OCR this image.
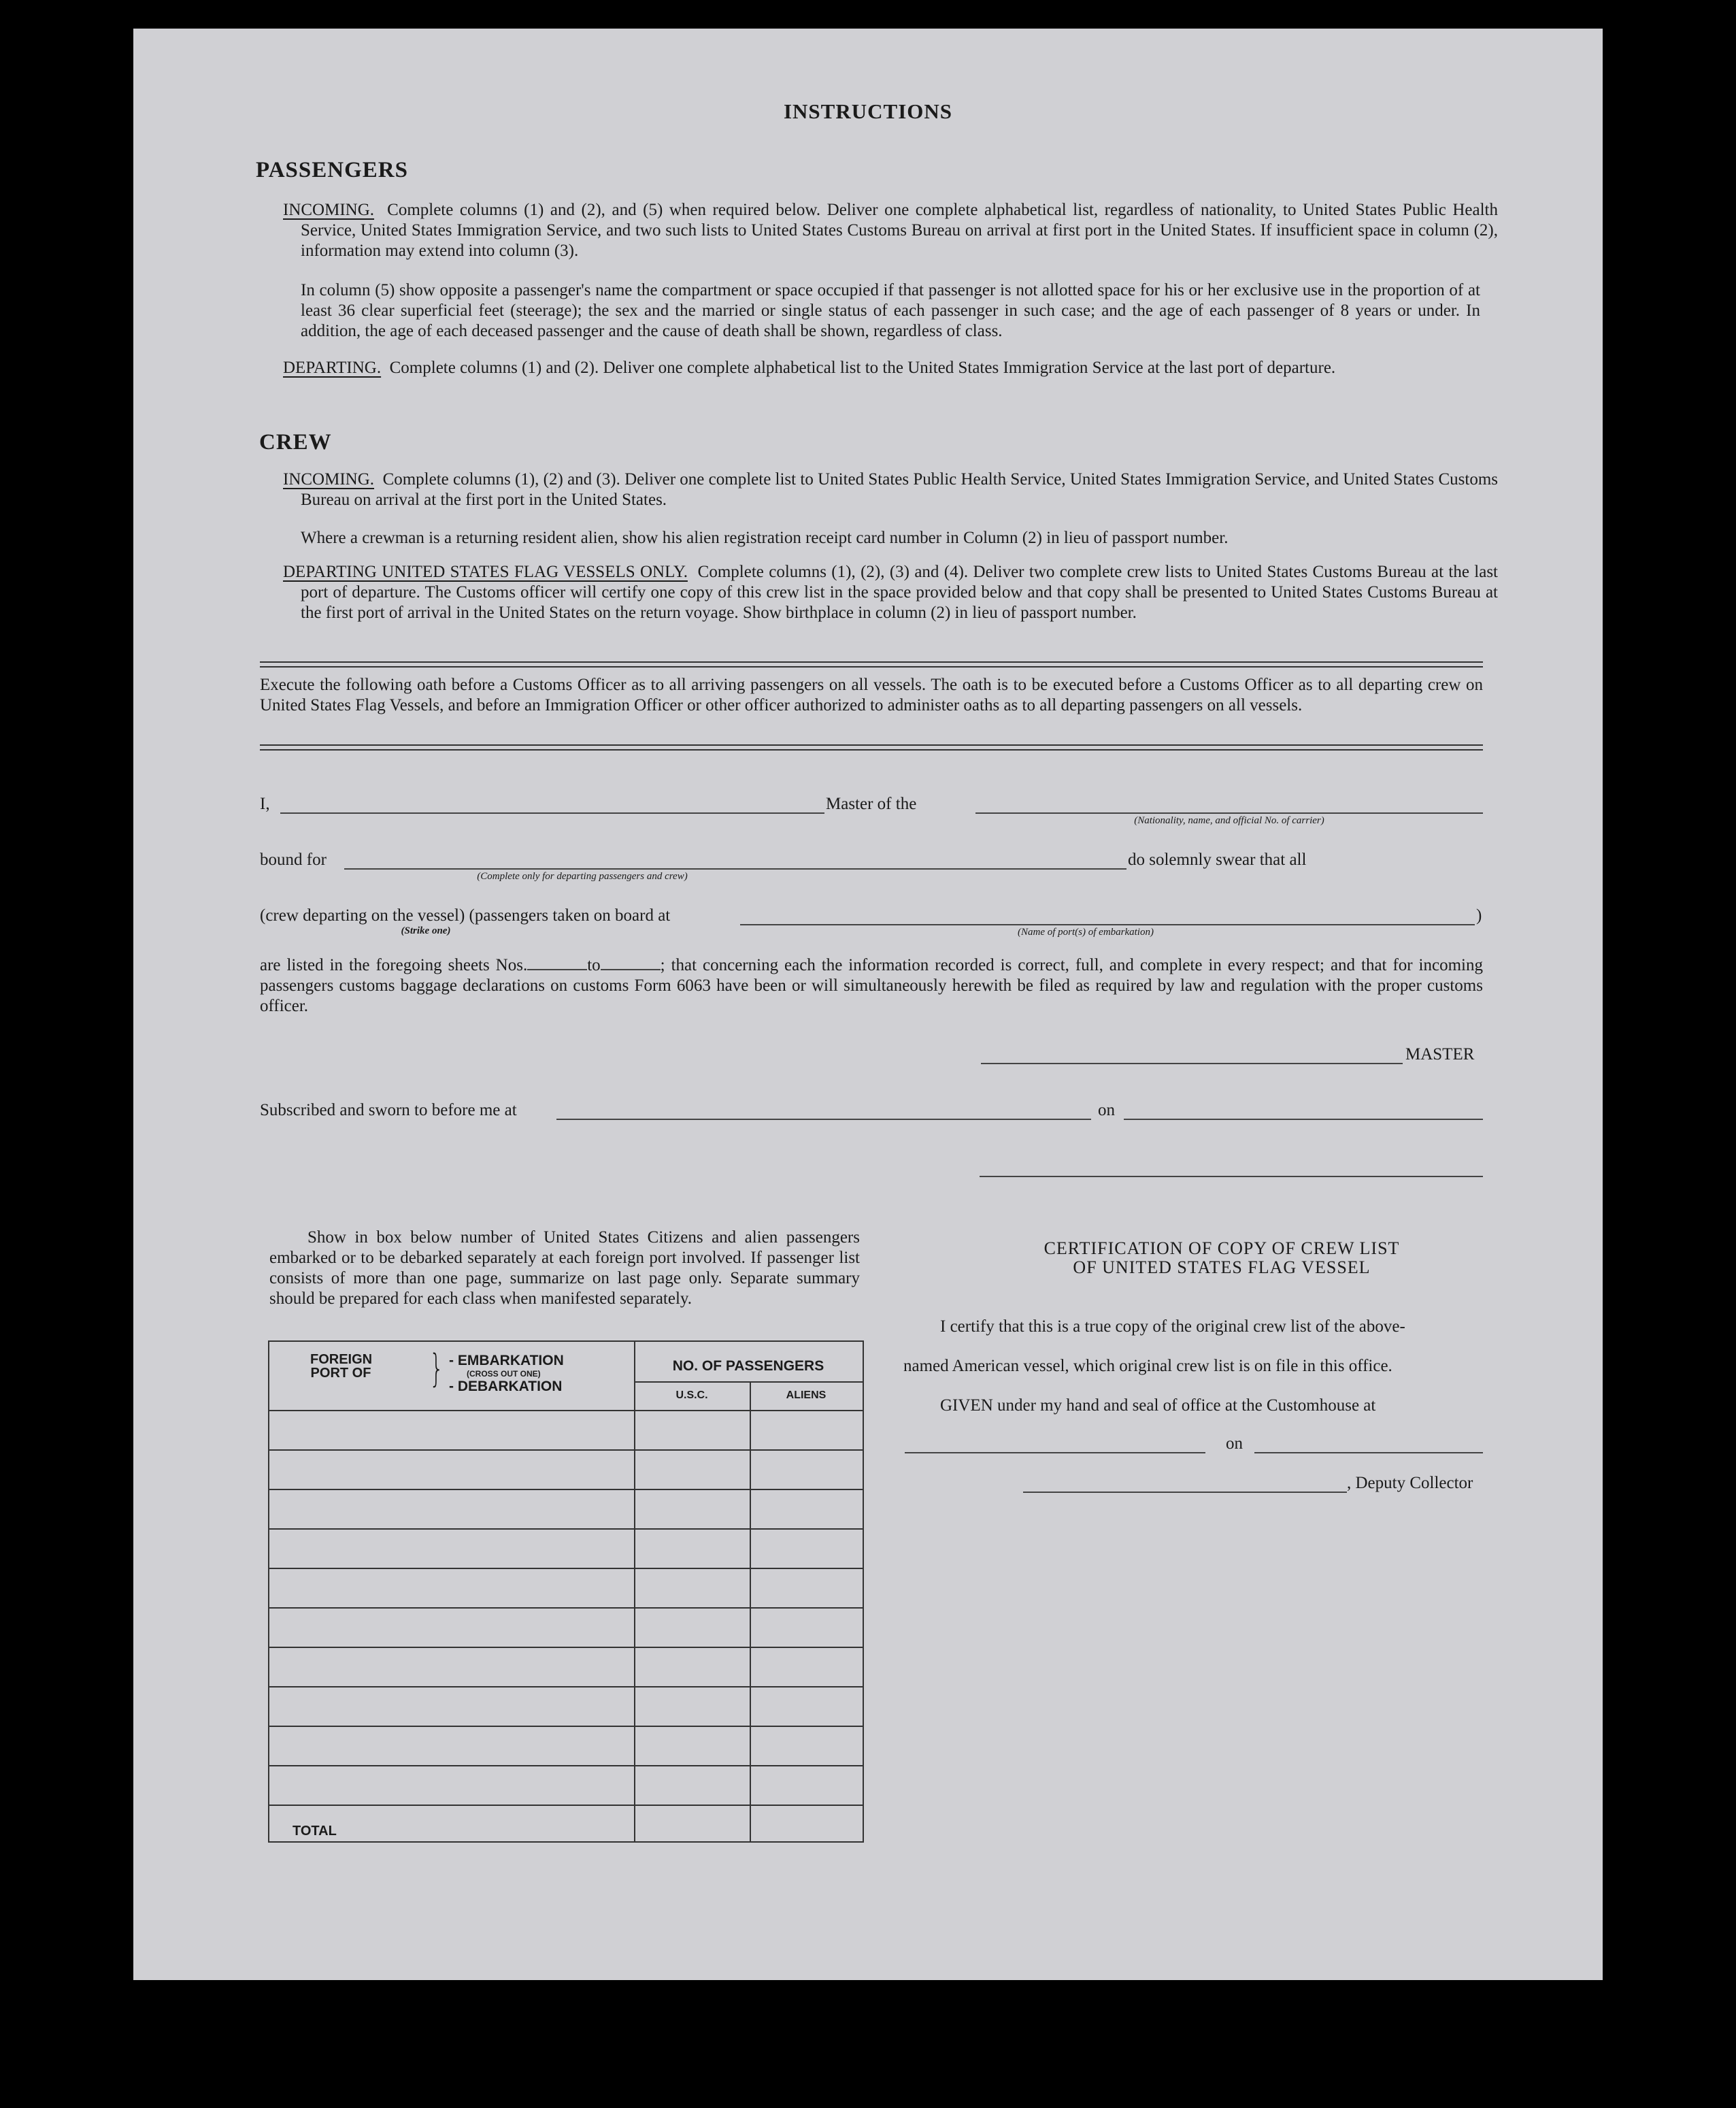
INSTRUCTIONS
PASSENGERS
INCOMING. Complete columns (1) and (2), and (5) when required below. Deliver one complete alphabetical list, regardless of nationality, to United States Public Health Service, United States Immigration Service, and two such lists to United States Customs Bureau on arrival at first port in the United States. If insufficient space in column (2), information may extend into column (3).
In column (5) show opposite a passenger's name the compartment or space occupied if that passenger is not allotted space for his or her exclusive use in the proportion of at least 36 clear superficial feet (steerage); the sex and the married or single status of each passenger in such case; and the age of each passenger of 8 years or under. In addition, the age of each deceased passenger and the cause of death shall be shown, regardless of class.
DEPARTING. Complete columns (1) and (2). Deliver one complete alphabetical list to the United States Immigration Service at the last port of departure.
CREW
INCOMING. Complete columns (1), (2) and (3). Deliver one complete list to United States Public Health Service, United States Immigration Service, and United States Customs Bureau on arrival at the first port in the United States.
Where a crewman is a returning resident alien, show his alien registration receipt card number in Column (2) in lieu of passport number.
DEPARTING UNITED STATES FLAG VESSELS ONLY. Complete columns (1), (2), (3) and (4). Deliver two complete crew lists to United States Customs Bureau at the last port of departure. The Customs officer will certify one copy of this crew list in the space provided below and that copy shall be presented to United States Customs Bureau at the first port of arrival in the United States on the return voyage. Show birthplace in column (2) in lieu of passport number.
Execute the following oath before a Customs Officer as to all arriving passengers on all vessels. The oath is to be executed before a Customs Officer as to all departing crew on United States Flag Vessels, and before an Immigration Officer or other officer authorized to administer oaths as to all departing passengers on all vessels.
I,	Master of the
(Nationality, name, and official No. of carrier)
bound for
(Complete only for departing passengers and crew)
do solemnly swear that all
(crew departing on the vessel) (passengers taken on board at
(Strike one)	(Name of port(s) of embarkation)
)
are listed in the foregoing sheets Nos.	to	; that concerning each the information recorded is correct, full, and complete in every respect; and that for incoming passengers customs baggage declarations on customs Form 6063 have been or will simultaneously herewith be filed as required by law and regulation with the proper customs officer.
MASTER
Subscribed and sworn to before me at	on
Show in box below number of United States Citizens and alien passengers embarked or to be debarked separately at each foreign port involved. If passenger list consists of more than one page, summarize on last page only. Separate summary should be prepared for each class when manifested separately.
FOREIGN PORT OF } - EMBARKATION
(CROSS OUT ONE)
- DEBARKATION
NO. OF PASSENGERS
U.S.C.	ALIENS
TOTAL
CERTIFICATION OF COPY OF CREW LIST
OF UNITED STATES FLAG VESSEL
I certify that this is a true copy of the original crew list of the above-
named American vessel, which original crew list is on file in this office.
GIVEN under my hand and seal of office at the Customhouse at
on
, Deputy Collector
